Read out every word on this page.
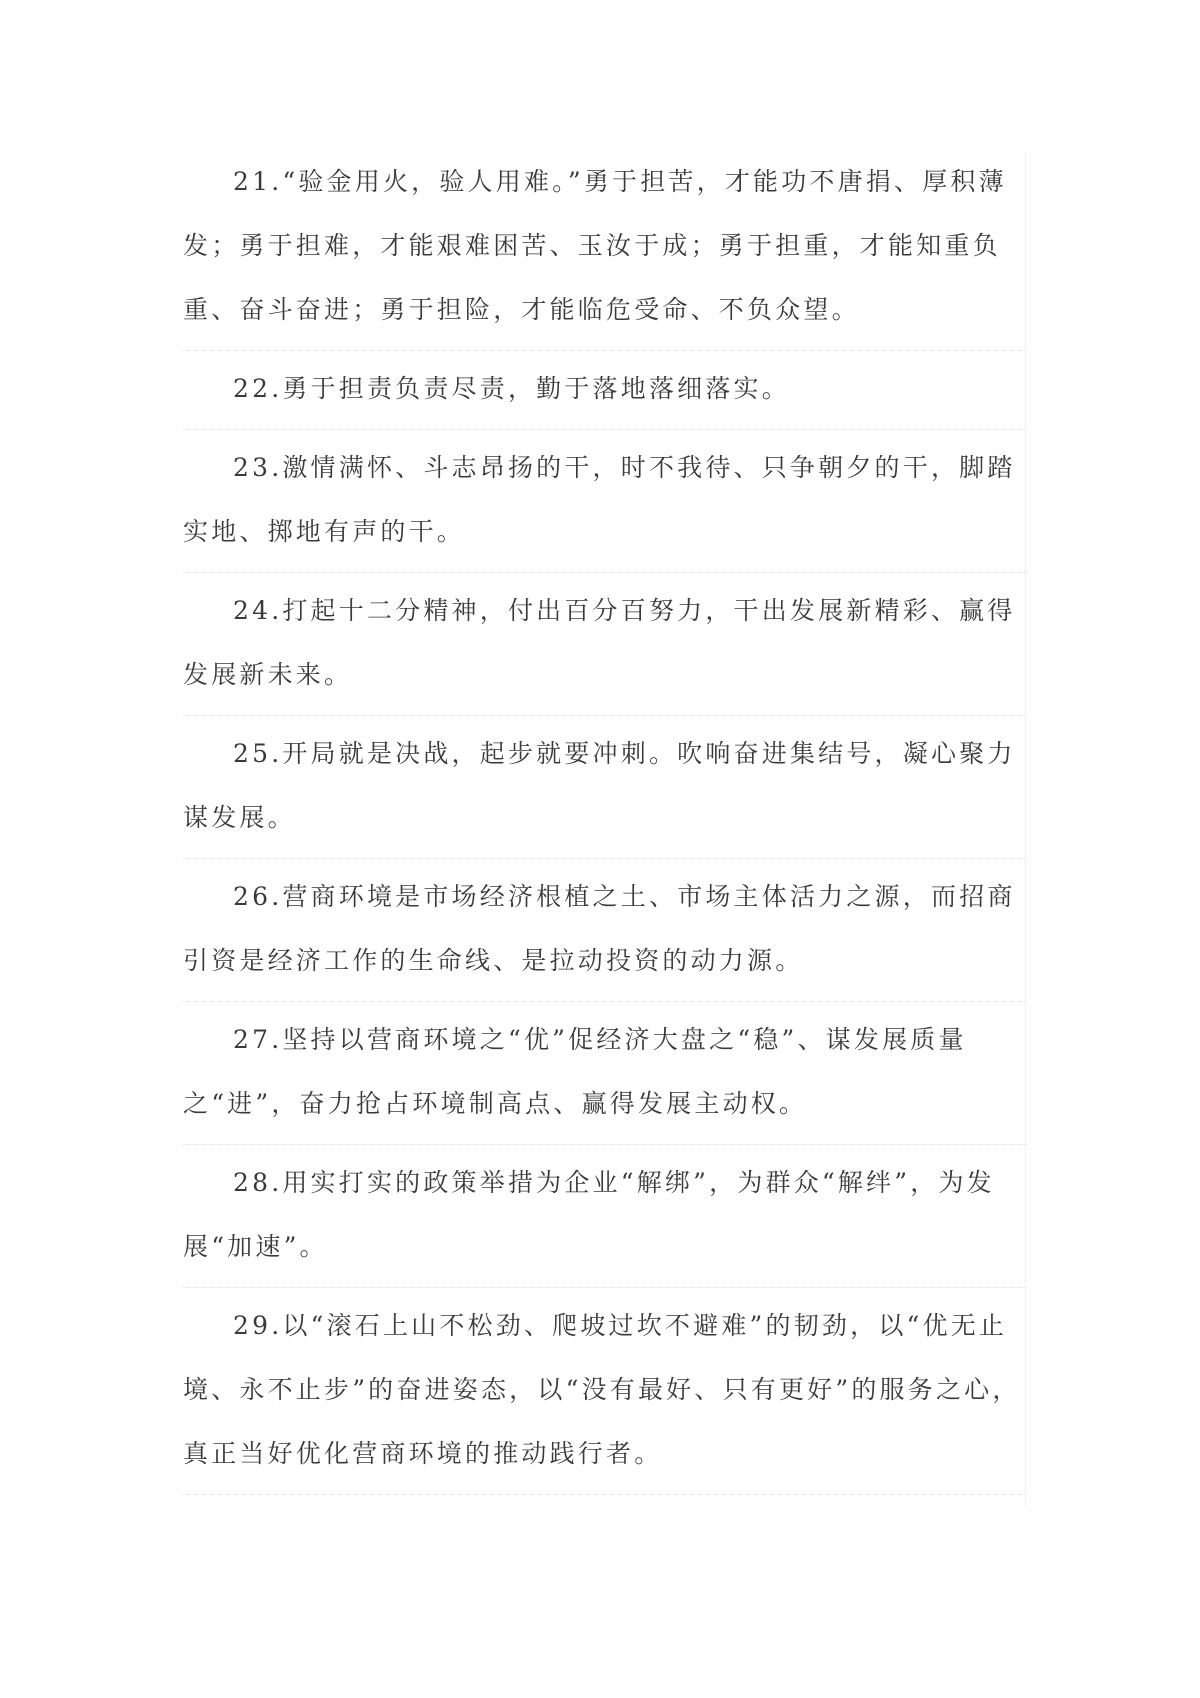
21.“验金用火，验人用难。”勇于担苦，才能功不唐捐、厚积薄发；勇于担难，才能艰难困苦、玉汝于成；勇于担重，才能知重负重、奋斗奋进；勇于担险，才能临危受命、不负众望。

22.勇于担责负责尽责，勤于落地落细落实。

23.激情满怀、斗志昂扬的干，时不我待、只争朝夕的干，脚踏实地、掷地有声的干。

24.打起十二分精神，付出百分百努力，干出发展新精彩、赢得发展新未来。

25.开局就是决战，起步就要冲刺。吹响奋进集结号，凝心聚力谋发展。

26.营商环境是市场经济根植之土、市场主体活力之源，而招商引资是经济工作的生命线、是拉动投资的动力源。

27.坚持以营商环境之“优”促经济大盘之“稳”、谋发展质量之“进”，奋力抢占环境制高点、赢得发展主动权。

28.用实打实的政策举措为企业“解绑”，为群众“解绊”，为发展“加速”。

29.以“滚石上山不松劲、爬坡过坎不避难”的韧劲，以“优无止境、永不止步”的奋进姿态，以“没有最好、只有更好”的服务之心，真正当好优化营商环境的推动践行者。
